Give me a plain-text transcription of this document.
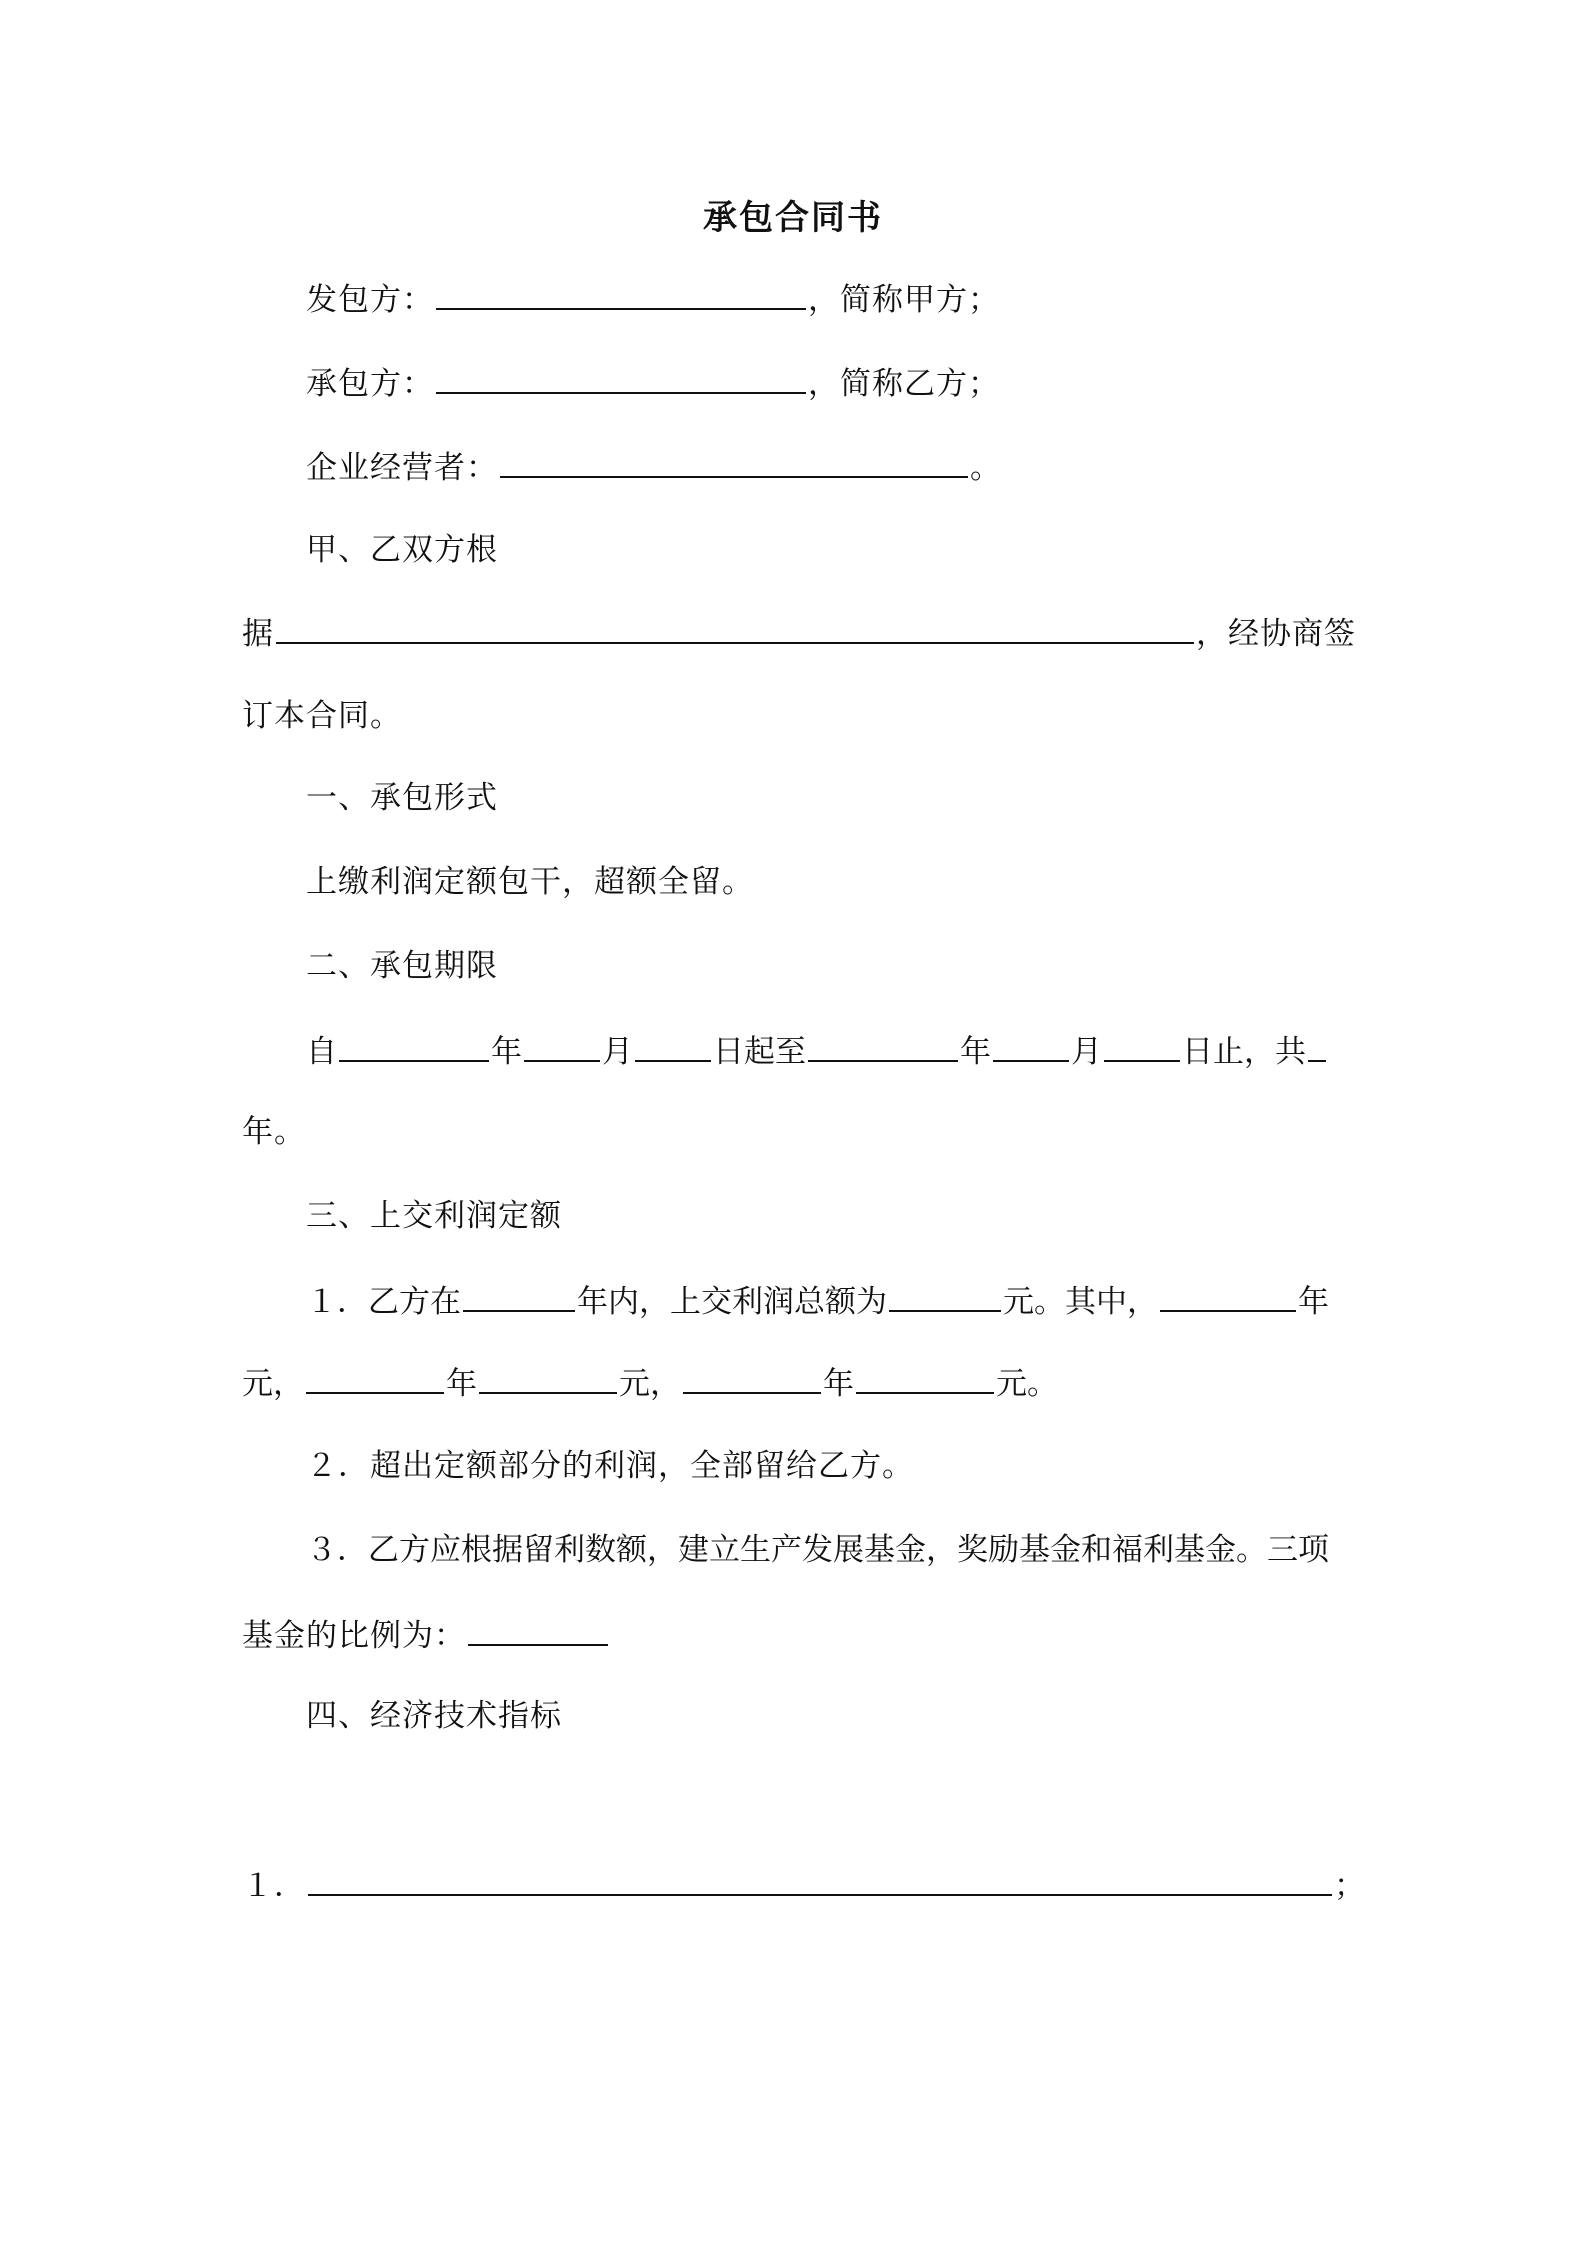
承包合同书
发包方：	，简称甲方；
承包方：	，简称乙方；
企业经营者：	。
甲、乙双方根
据	，经协商签
订本合同。
一、承包形式
上缴利润定额包干，超额全留。
二、承包期限
自	年	月	日起至	年	月	日止，共
年。
三、上交利润定额
１．乙方在	年内，上交利润总额为	元。其中，	年
元，	年	元，	年	元。
２．超出定额部分的利润，全部留给乙方。
３．乙方应根据留利数额，建立生产发展基金，奖励基金和福利基金。三项
基金的比例为：
四、经济技术指标
１．	；
